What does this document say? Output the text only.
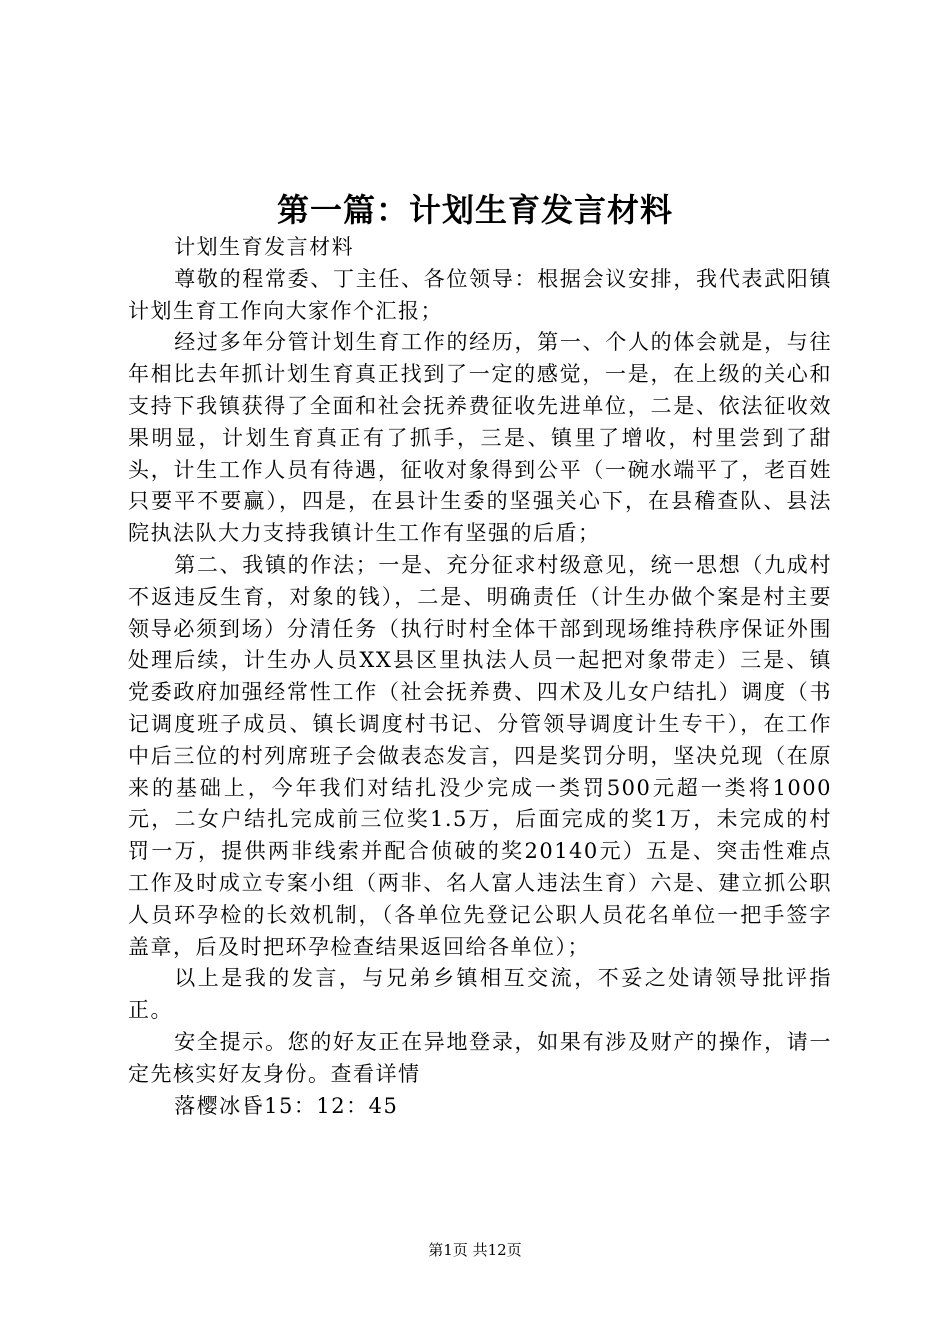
第一篇：计划生育发言材料

计划生育发言材料

尊敬的程常委、丁主任、各位领导：根据会议安排，我代表武阳镇计划生育工作向大家作个汇报；

经过多年分管计划生育工作的经历，第一、个人的体会就是，与往年相比去年抓计划生育真正找到了一定的感觉，一是，在上级的关心和支持下我镇获得了全面和社会抚养费征收先进单位，二是、依法征收效果明显，计划生育真正有了抓手，三是、镇里了增收，村里尝到了甜头，计生工作人员有待遇，征收对象得到公平（一碗水端平了，老百姓只要平不要赢），四是，在县计生委的坚强关心下，在县稽查队、县法院执法队大力支持我镇计生工作有坚强的后盾；

第二、我镇的作法；一是、充分征求村级意见，统一思想（九成村不返违反生育，对象的钱），二是、明确责任（计生办做个案是村主要领导必须到场）分清任务（执行时村全体干部到现场维持秩序保证外围处理后续，计生办人员XX县区里执法人员一起把对象带走）三是、镇党委政府加强经常性工作（社会抚养费、四术及儿女户结扎）调度（书记调度班子成员、镇长调度村书记、分管领导调度计生专干），在工作中后三位的村列席班子会做表态发言，四是奖罚分明，坚决兑现（在原来的基础上，今年我们对结扎没少完成一类罚500元超一类将1000元，二女户结扎完成前三位奖1.5万，后面完成的奖1万，未完成的村罚一万，提供两非线索并配合侦破的奖20140元）五是、突击性难点工作及时成立专案小组（两非、名人富人违法生育）六是、建立抓公职人员环孕检的长效机制，（各单位先登记公职人员花名单位一把手签字盖章，后及时把环孕检查结果返回给各单位）；

以上是我的发言，与兄弟乡镇相互交流，不妥之处请领导批评指正。

安全提示。您的好友正在异地登录，如果有涉及财产的操作，请一定先核实好友身份。查看详情

落樱冰昏15：12：45

第1页 共12页
